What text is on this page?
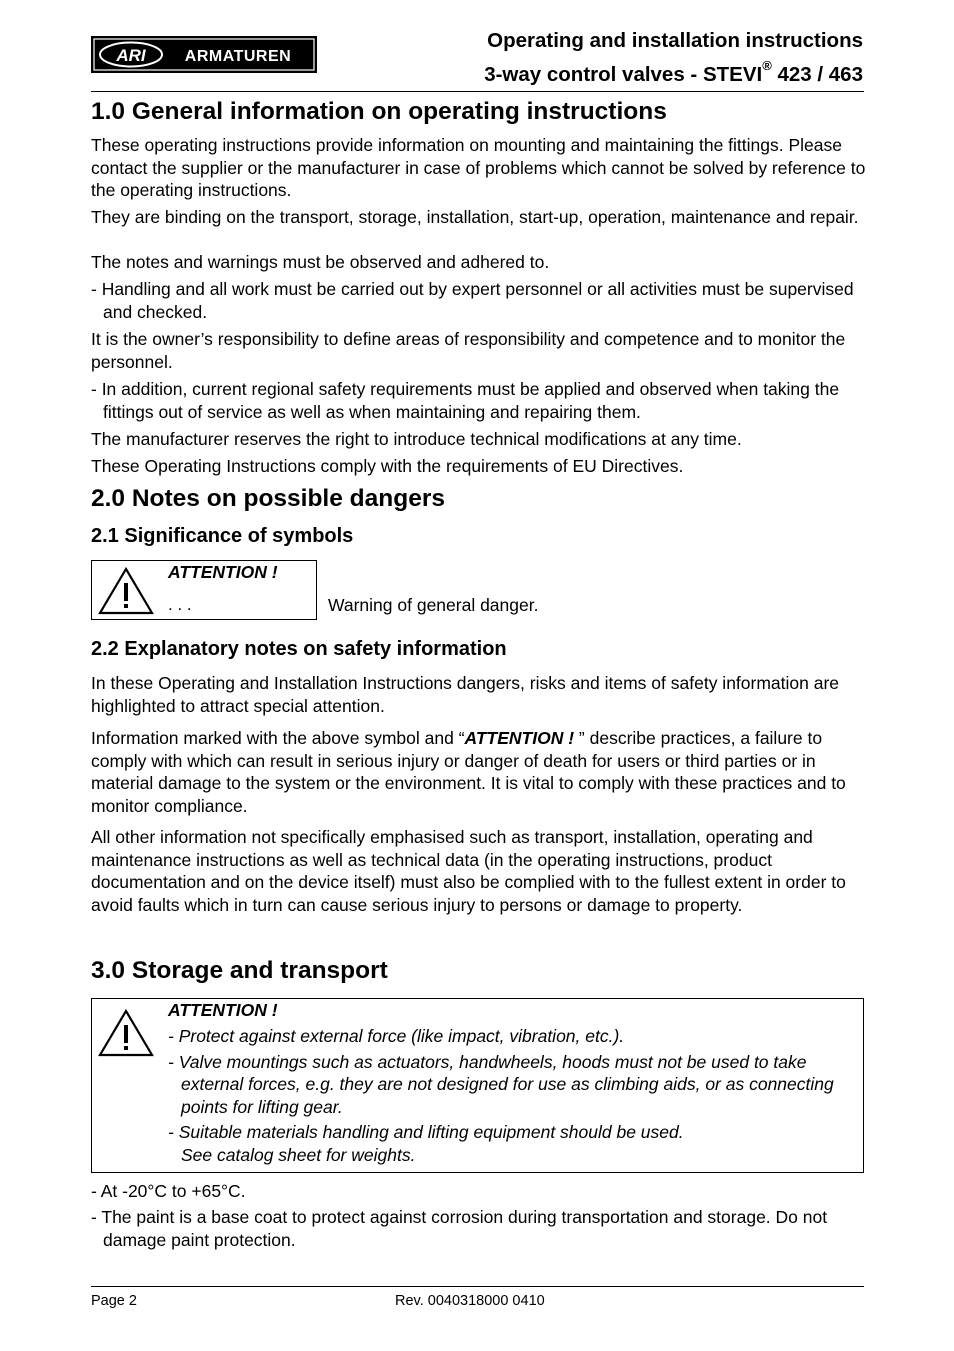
ARI ARMATUREN
Operating and installation instructions
3-way control valves - STEVI® 423 / 463
1.0 General information on operating instructions

These operating instructions provide information on mounting and maintaining the fittings. Please contact the supplier or the manufacturer in case of problems which cannot be solved by reference to the operating instructions.

They are binding on the transport, storage, installation, start-up, operation, maintenance and repair.

The notes and warnings must be observed and adhered to.

- Handling and all work must be carried out by expert personnel or all activities must be supervised and checked.

It is the owner’s responsibility to define areas of responsibility and competence and to monitor the personnel.

- In addition, current regional safety requirements must be applied and observed when taking the fittings out of service as well as when maintaining and repairing them.

The manufacturer reserves the right to introduce technical modifications at any time.

These Operating Instructions comply with the requirements of EU Directives.

2.0 Notes on possible dangers
2.1 Significance of symbols
ATTENTION !
. . .	Warning of general danger.
2.2 Explanatory notes on safety information

In these Operating and Installation Instructions dangers, risks and items of safety information are highlighted to attract special attention.

Information marked with the above symbol and “ATTENTION ! ” describe practices, a failure to comply with which can result in serious injury or danger of death for users or third parties or in material damage to the system or the environment. It is vital to comply with these practices and to monitor compliance.

All other information not specifically emphasised such as transport, installation, operating and maintenance instructions as well as technical data (in the operating instructions, product documentation and on the device itself) must also be complied with to the fullest extent in order to avoid faults which in turn can cause serious injury to persons or damage to property.

3.0 Storage and transport
ATTENTION !

- Protect against external force (like impact, vibration, etc.).

- Valve mountings such as actuators, handwheels, hoods must not be used to take external forces, e.g. they are not designed for use as climbing aids, or as connecting points for lifting gear.

- Suitable materials handling and lifting equipment should be used.

See catalog sheet for weights.

- At -20°C to +65°C.

- The paint is a base coat to protect against corrosion during transportation and storage. Do not damage paint protection.

Page 2	Rev. 0040318000 0410
